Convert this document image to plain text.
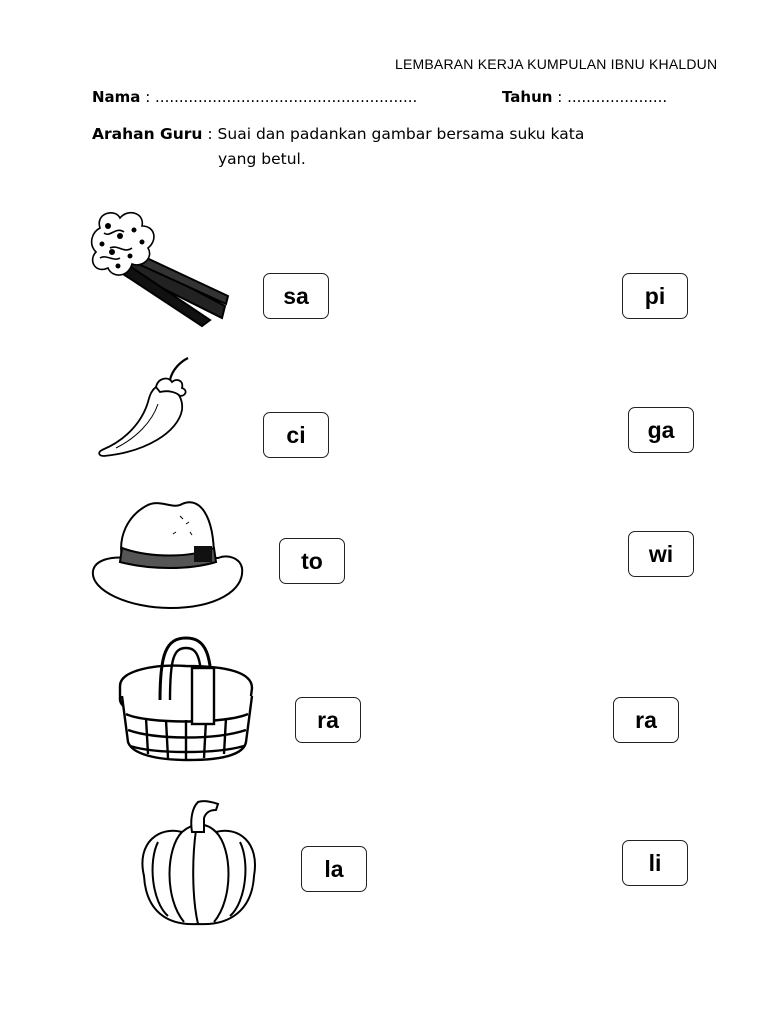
LEMBARAN KERJA KUMPULAN IBNU KHALDUN
Nama : .......................................................	Tahun : .....................
Arahan Guru : Suai dan padankan gambar bersama suku kata
yang betul.
sa
ci
to
ra
la
pi
ga
wi
ra
li
